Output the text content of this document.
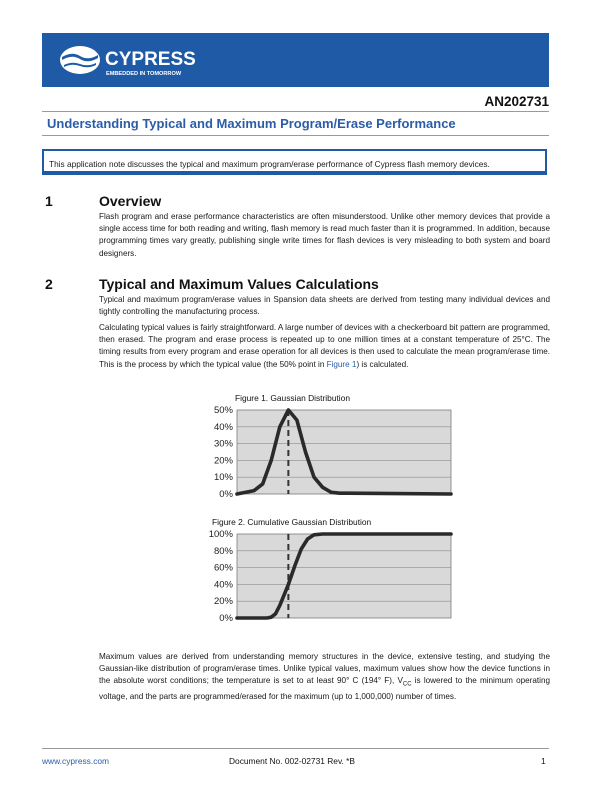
CYPRESS
EMBEDDED IN TOMORROW
AN202731
Understanding Typical and Maximum Program/Erase Performance
This application note discusses the typical and maximum program/erase performance of Cypress flash memory devices.
1	Overview
Flash program and erase performance characteristics are often misunderstood. Unlike other memory devices that provide a single access time for both reading and writing, flash memory is read much faster than it is programmed. In addition, because programming times vary greatly, publishing single write times for flash devices is very misleading to both system and board designers.
2	Typical and Maximum Values Calculations
Typical and maximum program/erase values in Spansion data sheets are derived from testing many individual devices and tightly controlling the manufacturing process.
Calculating typical values is fairly straightforward. A large number of devices with a checkerboard bit pattern are programmed, then erased. The program and erase process is repeated up to one million times at a constant temperature of 25°C. The timing results from every program and erase operation for all devices is then used to calculate the mean program/erase time. This is the process by which the typical value (the 50% point in Figure 1) is calculated.
Figure 1. Gaussian Distribution
0%
10%
20%
30%
40%
50%
Figure 2. Cumulative Gaussian Distribution
0%
20%
40%
60%
80%
100%
Maximum values are derived from understanding memory structures in the device, extensive testing, and studying the Gaussian-like distribution of program/erase times. Unlike typical values, maximum values show how the device functions in the absolute worst conditions; the temperature is set to at least 90° C (194° F), $V_{CC}$ is lowered to the minimum operating voltage, and the parts are programmed/erased for the maximum (up to 1,000,000) number of times.
www.cypress.com	Document No. 002-02731 Rev. *B	1
